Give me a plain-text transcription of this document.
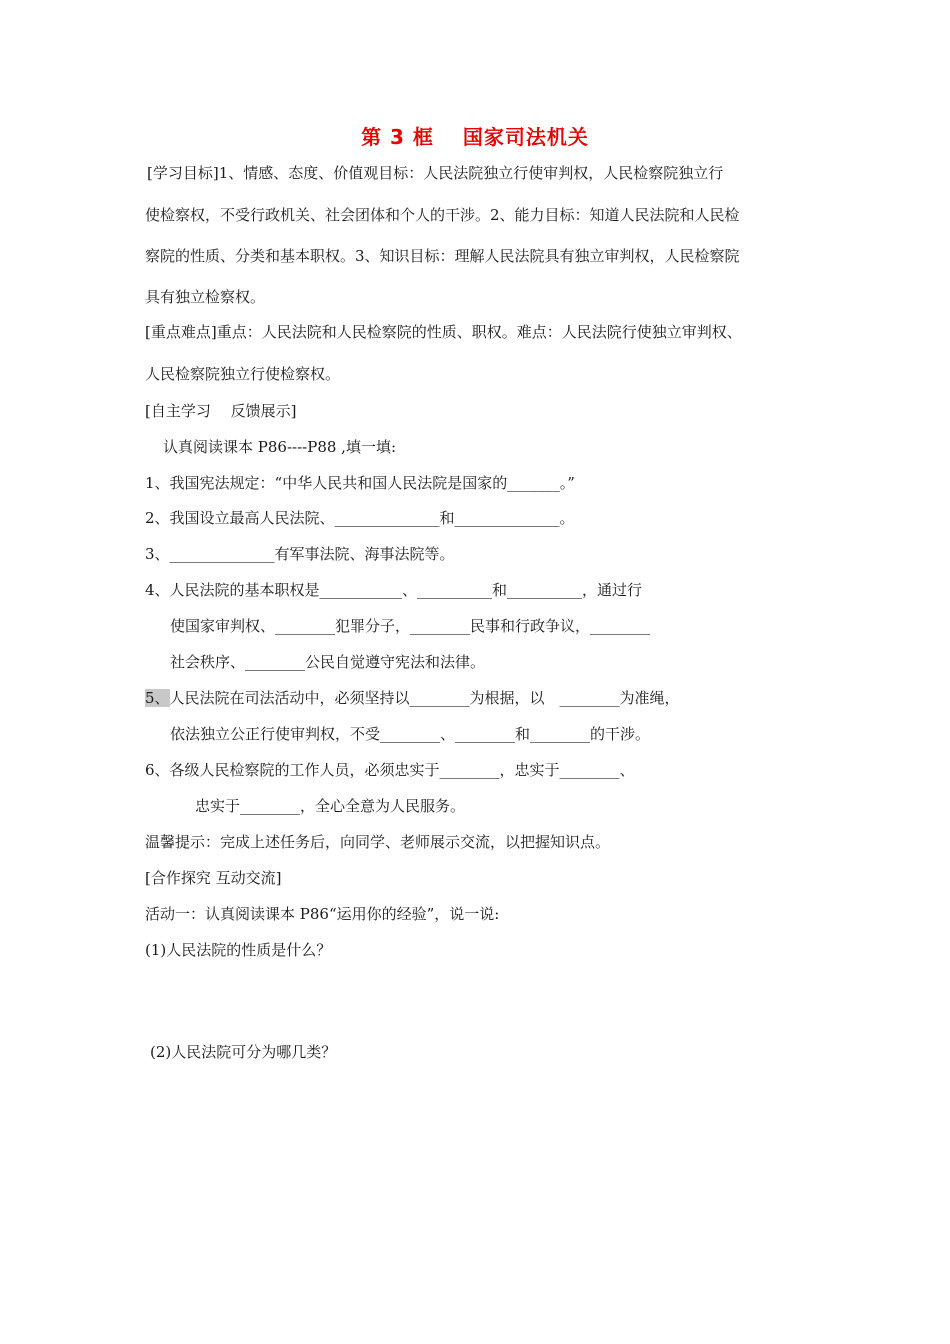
第 3 框　 国家司法机关
[学习目标]1、情感、态度、价值观目标：人民法院独立行使审判权，人民检察院独立行
使检察权，不受行政机关、社会团体和个人的干涉。2、能力目标：知道人民法院和人民检
察院的性质、分类和基本职权。3、知识目标：理解人民法院具有独立审判权，人民检察院
具有独立检察权。
[重点难点]重点：人民法院和人民检察院的性质、职权。难点：人民法院行使独立审判权、
人民检察院独立行使检察权。
[自主学习　 反馈展示]
认真阅读课本 P86----P88 ,填一填:
1、我国宪法规定：“中华人民共和国人民法院是国家的_______。”
2、我国设立最高人民法院、______________和______________。
3、______________有军事法院、海事法院等。
4、人民法院的基本职权是___________、__________和__________，通过行
使国家审判权、________犯罪分子，________民事和行政争议，________
社会秩序、________公民自觉遵守宪法和法律。
5、人民法院在司法活动中，必须坚持以________为根据，以　________为准绳，
依法独立公正行使审判权，不受________、________和________的干涉。
6、各级人民检察院的工作人员，必须忠实于________，忠实于________、
忠实于________，全心全意为人民服务。
温馨提示：完成上述任务后，向同学、老师展示交流，以把握知识点。
[合作探究 互动交流]
活动一：认真阅读课本 P86“运用你的经验”，说一说:
(1)人民法院的性质是什么？
(2)人民法院可分为哪几类？
